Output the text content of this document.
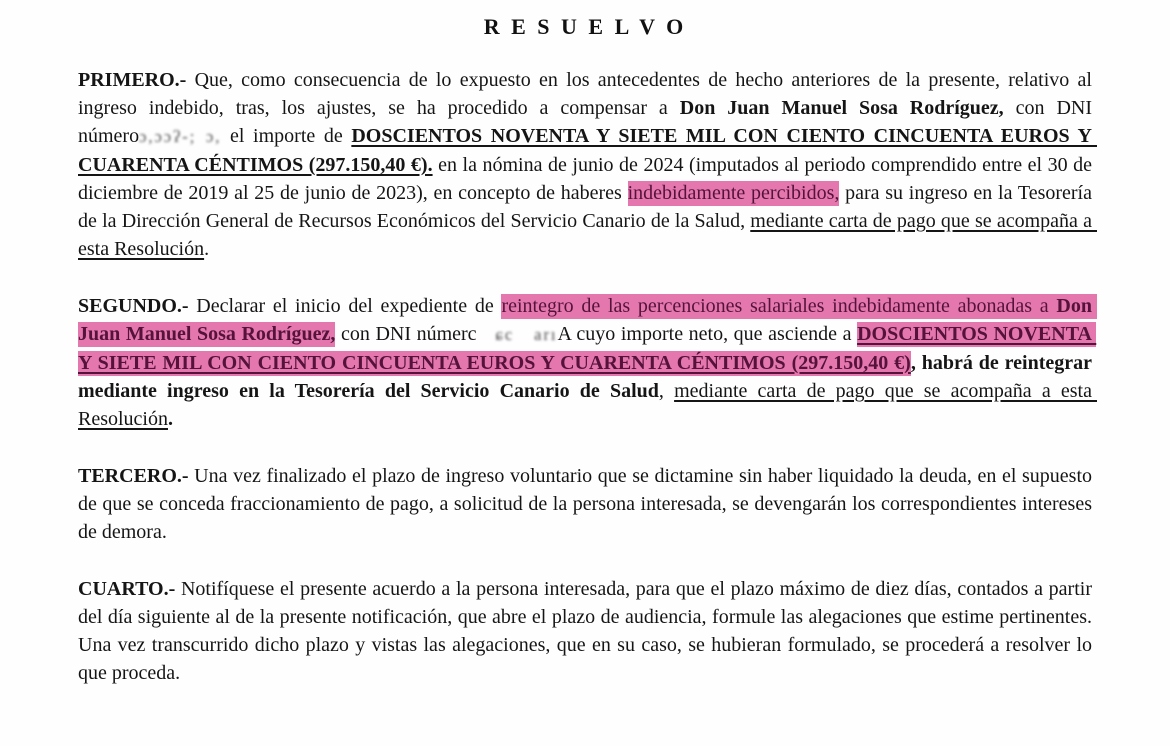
R E S U E L V O

PRIMERO.- Que, como consecuencia de lo expuesto en los antecedentes de hecho anteriores de la presente, relativo al ingreso indebido, tras, los ajustes, se ha procedido a compensar a Don Juan Manuel Sosa Rodríguez, con DNI númeroɔ,ɔɔʔ-; ɔ, el importe de DOSCIENTOS NOVENTA Y SIETE MIL CON CIENTO CINCUENTA EUROS Y CUARENTA CÉNTIMOS (297.150,40 €). en la nómina de junio de 2024 (imputados al periodo comprendido entre el 30 de diciembre de 2019 al 25 de junio de 2023), en concepto de haberes indebidamente percibidos, para su ingreso en la Tesorería de la Dirección General de Recursos Económicos del Servicio Canario de la Salud, mediante carta de pago que se acompaña a esta Resolución.

SEGUNDO.- Declarar el inicio del expediente de reintegro de las percenciones salariales indebidamente abonadas a Don Juan Manuel Sosa Rodríguez, con DNI númerc   ɕc   arıA cuyo importe neto, que asciende a DOSCIENTOS NOVENTA Y SIETE MIL CON CIENTO CINCUENTA EUROS Y CUARENTA CÉNTIMOS (297.150,40 €), habrá de reintegrar mediante ingreso en la Tesorería del Servicio Canario de Salud, mediante carta de pago que se acompaña a esta Resolución.

TERCERO.- Una vez finalizado el plazo de ingreso voluntario que se dictamine sin haber liquidado la deuda, en el supuesto de que se conceda fraccionamiento de pago, a solicitud de la persona interesada, se devengarán los correspondientes intereses de demora.

CUARTO.- Notifíquese el presente acuerdo a la persona interesada, para que el plazo máximo de diez días, contados a partir del día siguiente al de la presente notificación, que abre el plazo de audiencia, formule las alegaciones que estime pertinentes. Una vez transcurrido dicho plazo y vistas las alegaciones, que en su caso, se hubieran formulado, se procederá a resolver lo que proceda.
